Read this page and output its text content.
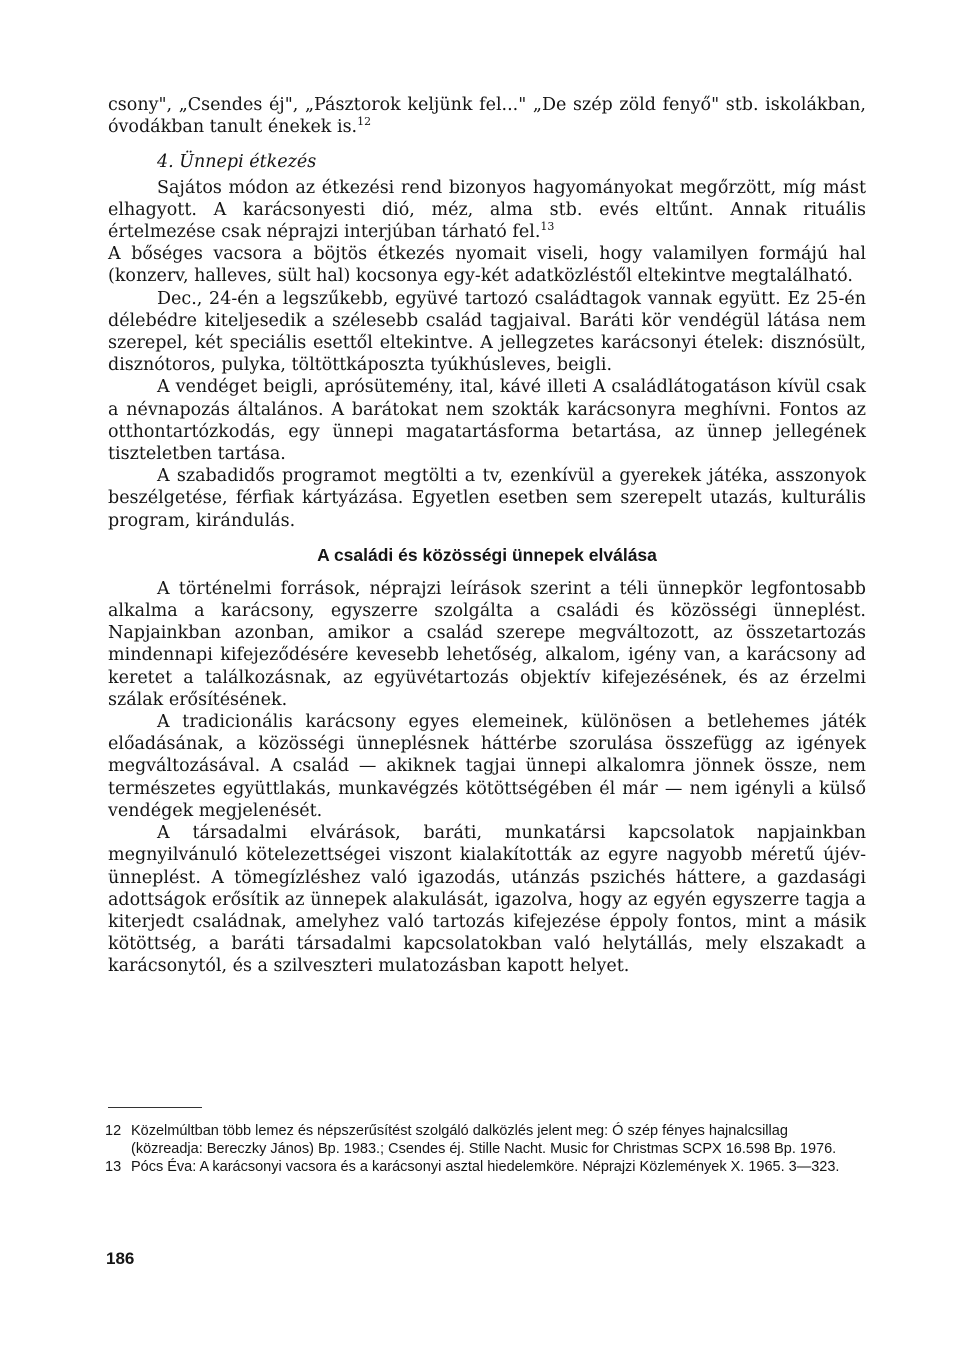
csony", „Csendes éj", „Pásztorok keljünk fel..." „De szép zöld fenyő" stb. iskolákban, óvodákban tanult énekek is.$^{12}$

4. Ünnepi étkezés

Sajátos módon az étkezési rend bizonyos hagyományokat megőrzött, míg mást elhagyott. A karácsonyesti dió, méz, alma stb. evés eltűnt. Annak rituális értelmezése csak néprajzi interjúban tárható fel.$^{13}$

A bőséges vacsora a böjtös étkezés nyomait viseli, hogy valamilyen formájú hal (konzerv, halleves, sült hal) kocsonya egy-két adatközléstől eltekintve megtalálható.

Dec., 24-én a legszűkebb, együvé tartozó családtagok vannak együtt. Ez 25-én délebédre kiteljesedik a szélesebb család tagjaival. Baráti kör vendégül látása nem szerepel, két speciális esettől eltekintve. A jellegzetes karácsonyi ételek: disznósült, disznótoros, pulyka, töltöttkáposzta tyúkhúsleves, beigli.

A vendéget beigli, aprósütemény, ital, kávé illeti A családlátogatáson kívül csak a névnapozás általános. A barátokat nem szokták karácsonyra meghívni. Fontos az otthontartózkodás, egy ünnepi magatartásforma betartása, az ünnep jellegének tiszteletben tartása.

A szabadidős programot megtölti a tv, ezenkívül a gyerekek játéka, asszonyok beszélgetése, férfiak kártyázása. Egyetlen esetben sem szerepelt utazás, kulturális program, kirándulás.

A családi és közösségi ünnepek elválása

A történelmi források, néprajzi leírások szerint a téli ünnepkör legfontosabb alkalma a karácsony, egyszerre szolgálta a családi és közösségi ünneplést. Napjainkban azonban, amikor a család szerepe megváltozott, az összetartozás mindennapi kifejeződésére kevesebb lehetőség, alkalom, igény van, a karácsony ad keretet a találkozásnak, az együvétartozás objektív kifejezésének, és az érzelmi szálak erősítésének.

A tradicionális karácsony egyes elemeinek, különösen a betlehemes játék előadásának, a közösségi ünneplésnek háttérbe szorulása összefügg az igények megváltozásával. A család — akiknek tagjai ünnepi alkalomra jönnek össze, nem természetes együttlakás, munkavégzés kötöttségében él már — nem igényli a külső vendégek megjelenését.

A társadalmi elvárások, baráti, munkatársi kapcsolatok napjainkban megnyilvánuló kötelezettségei viszont kialakították az egyre nagyobb méretű újév-ünneplést. A tömegízléshez való igazodás, utánzás pszichés háttere, a gazdasági adottságok erősítik az ünnepek alakulását, igazolva, hogy az egyén egyszerre tagja a kiterjedt családnak, amelyhez való tartozás kifejezése éppoly fontos, mint a másik kötöttség, a baráti társadalmi kapcsolatokban való helytállás, mely elszakadt a karácsonytól, és a szilveszteri mulatozásban kapott helyet.

12 Közelmúltban több lemez és népszerűsítést szolgáló dalközlés jelent meg: Ó szép fényes hajnalcsillag (közreadja: Bereczky János) Bp. 1983.; Csendes éj. Stille Nacht. Music for Christmas SCPX 16.598 Bp. 1976.
13 Pócs Éva: A karácsonyi vacsora és a karácsonyi asztal hiedelemköre. Néprajzi Közlemények X. 1965. 3—323.
186
